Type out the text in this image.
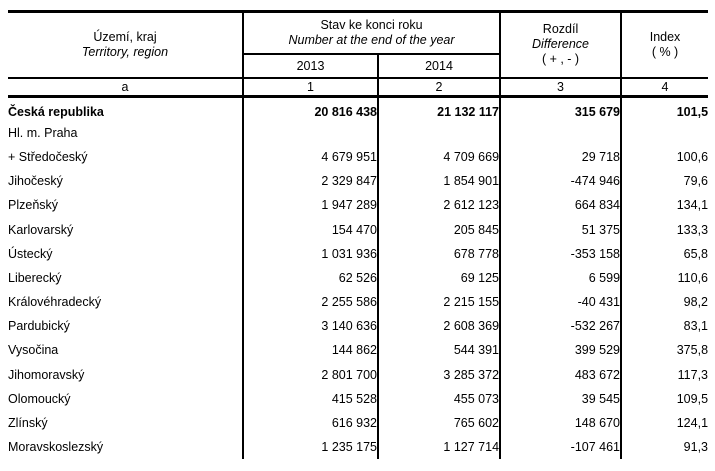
Území, kraj
Territory, region

Stav ke konci roku
Number at the end of the year

Rozdíl
Difference
( + , - )

Index
( % )

	2013	2014		
a	1	2	3	4
Česká republika	20 816 438	21 132 117	315 679	101,5
Hl. m. Praha				
+ Středočeský	4 679 951	4 709 669	29 718	100,6
Jihočeský	2 329 847	1 854 901	-474 946	79,6
Plzeňský	1 947 289	2 612 123	664 834	134,1
Karlovarský	154 470	205 845	51 375	133,3
Ústecký	1 031 936	678 778	-353 158	65,8
Liberecký	62 526	69 125	6 599	110,6
Královéhradecký	2 255 586	2 215 155	-40 431	98,2
Pardubický	3 140 636	2 608 369	-532 267	83,1
Vysočina	144 862	544 391	399 529	375,8
Jihomoravský	2 801 700	3 285 372	483 672	117,3
Olomoucký	415 528	455 073	39 545	109,5
Zlínský	616 932	765 602	148 670	124,1
Moravskoslezský	1 235 175	1 127 714	-107 461	91,3
